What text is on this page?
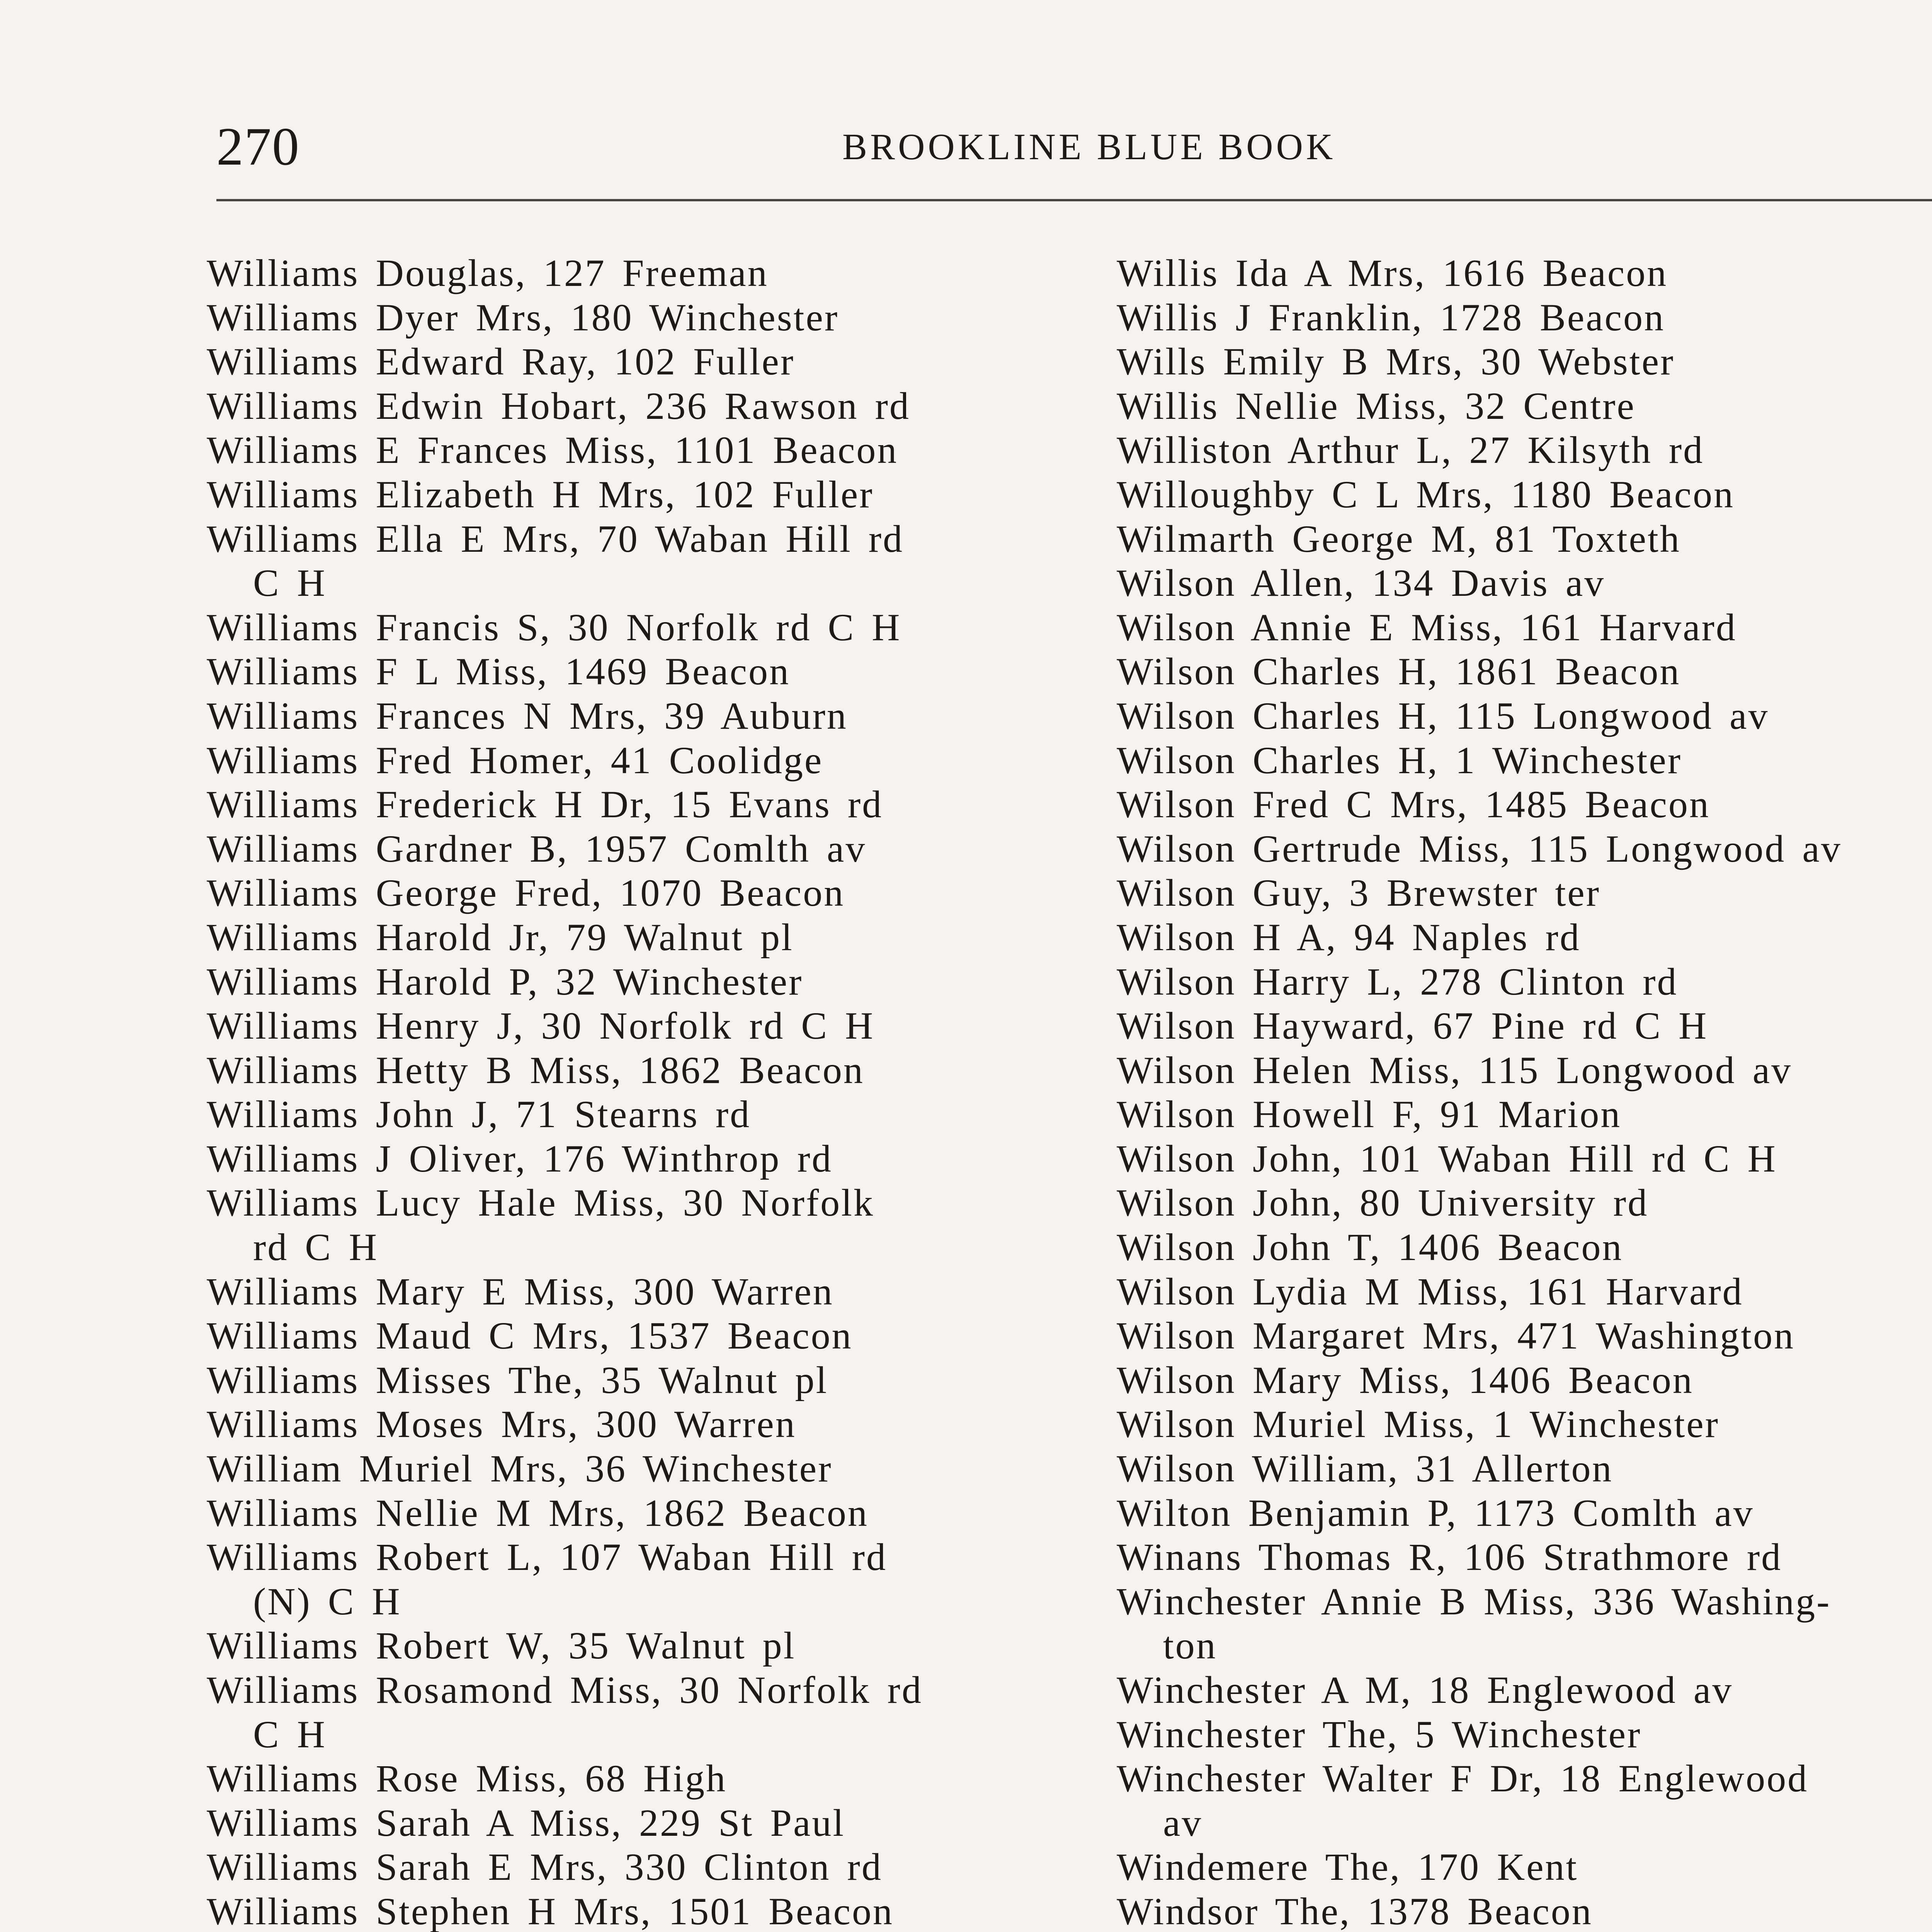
270	BROOKLINE BLUE BOOK
Williams Douglas, 127 Freeman
Williams Dyer Mrs, 180 Winchester
Williams Edward Ray, 102 Fuller
Williams Edwin Hobart, 236 Rawson rd
Williams E Frances Miss, 1101 Beacon
Williams Elizabeth H Mrs, 102 Fuller
Williams Ella E Mrs, 70 Waban Hill rd
C H
Williams Francis S, 30 Norfolk rd C H
Williams F L Miss, 1469 Beacon
Williams Frances N Mrs, 39 Auburn
Williams Fred Homer, 41 Coolidge
Williams Frederick H Dr, 15 Evans rd
Williams Gardner B, 1957 Comlth av
Williams George Fred, 1070 Beacon
Williams Harold Jr, 79 Walnut pl
Williams Harold P, 32 Winchester
Williams Henry J, 30 Norfolk rd C H
Williams Hetty B Miss, 1862 Beacon
Williams John J, 71 Stearns rd
Williams J Oliver, 176 Winthrop rd
Williams Lucy Hale Miss, 30 Norfolk
rd C H
Williams Mary E Miss, 300 Warren
Williams Maud C Mrs, 1537 Beacon
Williams Misses The, 35 Walnut pl
Williams Moses Mrs, 300 Warren
William Muriel Mrs, 36 Winchester
Williams Nellie M Mrs, 1862 Beacon
Williams Robert L, 107 Waban Hill rd
(N) C H
Williams Robert W, 35 Walnut pl
Williams Rosamond Miss, 30 Norfolk rd
C H
Williams Rose Miss, 68 High
Williams Sarah A Miss, 229 St Paul
Williams Sarah E Mrs, 330 Clinton rd
Williams Stephen H Mrs, 1501 Beacon
Willis Ida A Mrs, 1616 Beacon
Willis J Franklin, 1728 Beacon
Wills Emily B Mrs, 30 Webster
Willis Nellie Miss, 32 Centre
Williston Arthur L, 27 Kilsyth rd
Willoughby C L Mrs, 1180 Beacon
Wilmarth George M, 81 Toxteth
Wilson Allen, 134 Davis av
Wilson Annie E Miss, 161 Harvard
Wilson Charles H, 1861 Beacon
Wilson Charles H, 115 Longwood av
Wilson Charles H, 1 Winchester
Wilson Fred C Mrs, 1485 Beacon
Wilson Gertrude Miss, 115 Longwood av
Wilson Guy, 3 Brewster ter
Wilson H A, 94 Naples rd
Wilson Harry L, 278 Clinton rd
Wilson Hayward, 67 Pine rd C H
Wilson Helen Miss, 115 Longwood av
Wilson Howell F, 91 Marion
Wilson John, 101 Waban Hill rd C H
Wilson John, 80 University rd
Wilson John T, 1406 Beacon
Wilson Lydia M Miss, 161 Harvard
Wilson Margaret Mrs, 471 Washington
Wilson Mary Miss, 1406 Beacon
Wilson Muriel Miss, 1 Winchester
Wilson William, 31 Allerton
Wilton Benjamin P, 1173 Comlth av
Winans Thomas R, 106 Strathmore rd
Winchester Annie B Miss, 336 Washing-
ton
Winchester A M, 18 Englewood av
Winchester The, 5 Winchester
Winchester Walter F Dr, 18 Englewood
av
Windemere The, 170 Kent
Windsor The, 1378 Beacon
